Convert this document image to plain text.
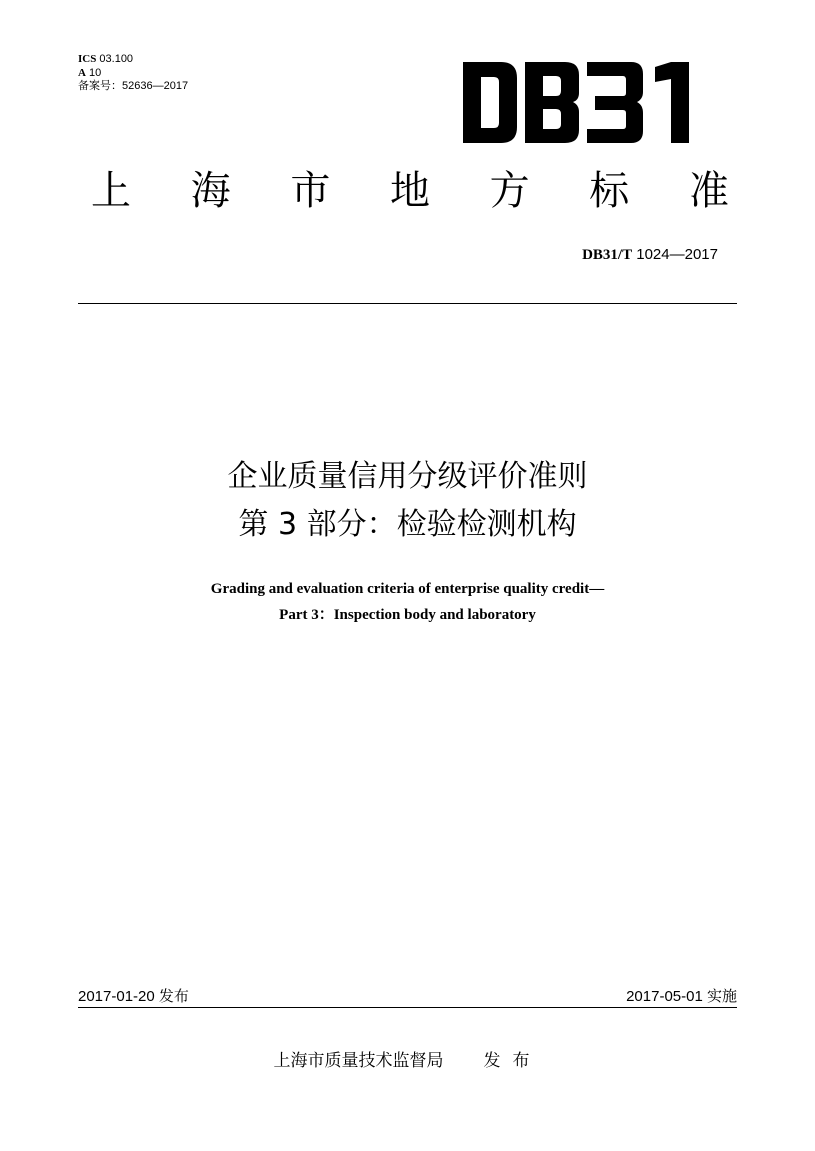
ICS 03.100
A 10
备案号：52636—2017
上 海 市 地 方 标 准
DB31/T 1024—2017
企业质量信用分级评价准则
第 3 部分：检验检测机构
Grading and evaluation criteria of enterprise quality credit—
Part 3：Inspection body and laboratory
2017-01-20 发布	2017-05-01 实施
上海市质量技术监督局 发布
